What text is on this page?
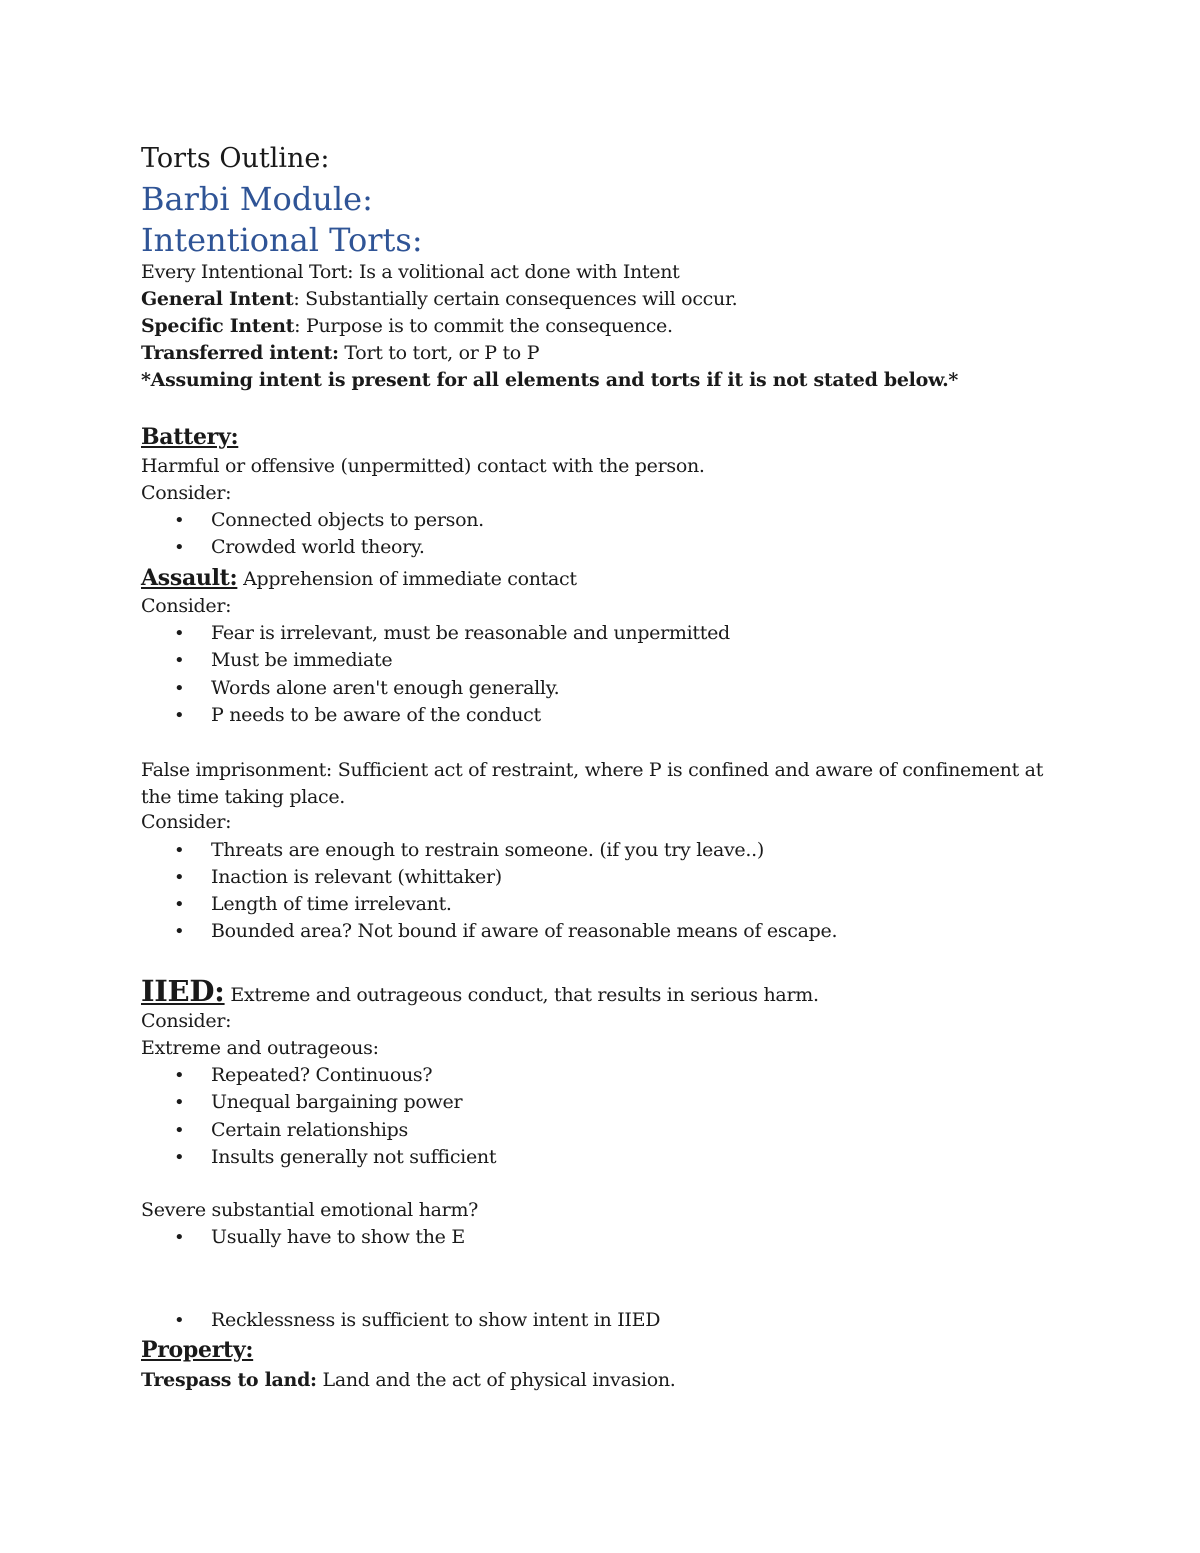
Torts Outline:
Barbi Module:
Intentional Torts:

Every Intentional Tort: Is a volitional act done with Intent

General Intent: Substantially certain consequences will occur.

Specific Intent: Purpose is to commit the consequence.

Transferred intent: Tort to tort, or P to P

*Assuming intent is present for all elements and torts if it is not stated below.*

Battery:

Harmful or offensive (unpermitted) contact with the person.

Consider:

• Connected objects to person.

• Crowded world theory.

Assault: Apprehension of immediate contact

Consider:

• Fear is irrelevant, must be reasonable and unpermitted

• Must be immediate

• Words alone aren't enough generally.

• P needs to be aware of the conduct

False imprisonment: Sufficient act of restraint, where P is confined and aware of confinement at the time taking place.

Consider:

• Threats are enough to restrain someone. (if you try leave..)

• Inaction is relevant (whittaker)

• Length of time irrelevant.

• Bounded area? Not bound if aware of reasonable means of escape.

IIED: Extreme and outrageous conduct, that results in serious harm.

Consider:

Extreme and outrageous:

• Repeated? Continuous?

• Unequal bargaining power

• Certain relationships

• Insults generally not sufficient

Severe substantial emotional harm?

• Usually have to show the E

• Recklessness is sufficient to show intent in IIED

Property:

Trespass to land: Land and the act of physical invasion.
